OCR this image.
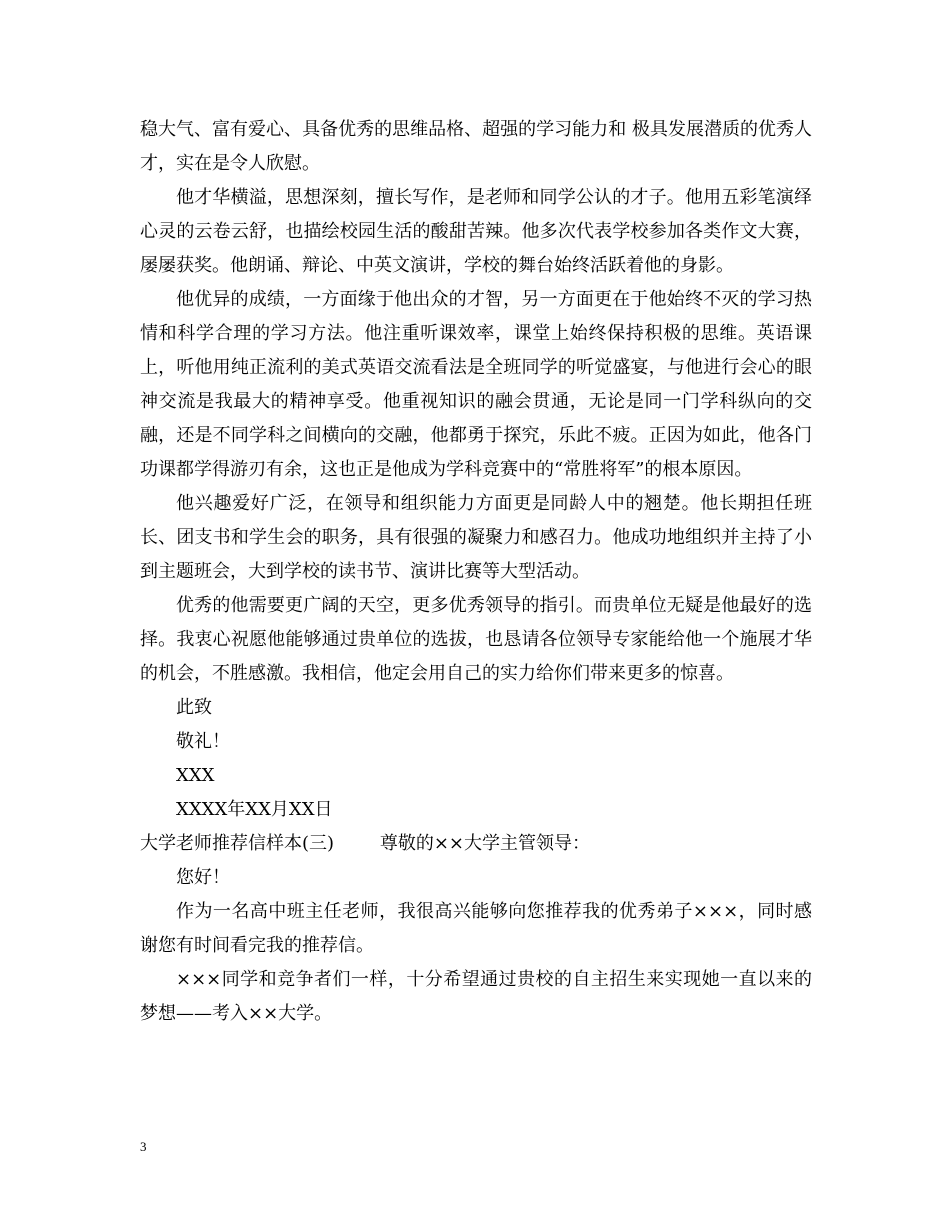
稳大气、富有爱心、具备优秀的思维品格、超强的学习能力和 极具发展潜质的优秀人才，实在是令人欣慰。

他才华横溢，思想深刻，擅长写作，是老师和同学公认的才子。他用五彩笔演绎心灵的云卷云舒，也描绘校园生活的酸甜苦辣。他多次代表学校参加各类作文大赛，屡屡获奖。他朗诵、辩论、中英文演讲，学校的舞台始终活跃着他的身影。

他优异的成绩，一方面缘于他出众的才智，另一方面更在于他始终不灭的学习热情和科学合理的学习方法。他注重听课效率，课堂上始终保持积极的思维。英语课上，听他用纯正流利的美式英语交流看法是全班同学的听觉盛宴，与他进行会心的眼神交流是我最大的精神享受。他重视知识的融会贯通，无论是同一门学科纵向的交融，还是不同学科之间横向的交融，他都勇于探究，乐此不疲。正因为如此，他各门功课都学得游刃有余，这也正是他成为学科竞赛中的“常胜将军”的根本原因。

他兴趣爱好广泛，在领导和组织能力方面更是同龄人中的翘楚。他长期担任班长、团支书和学生会的职务，具有很强的凝聚力和感召力。他成功地组织并主持了小到主题班会，大到学校的读书节、演讲比赛等大型活动。

优秀的他需要更广阔的天空，更多优秀领导的指引。而贵单位无疑是他最好的选择。我衷心祝愿他能够通过贵单位的选拔，也恳请各位领导专家能给他一个施展才华的机会，不胜感激。我相信，他定会用自己的实力给你们带来更多的惊喜。

此致

敬礼！

XXX

XXXX年XX月XX日

大学老师推荐信样本(三)	尊敬的××大学主管领导：

您好！

作为一名高中班主任老师，我很高兴能够向您推荐我的优秀弟子×××，同时感谢您有时间看完我的推荐信。

×××同学和竞争者们一样，十分希望通过贵校的自主招生来实现她一直以来的梦想——考入××大学。

3
